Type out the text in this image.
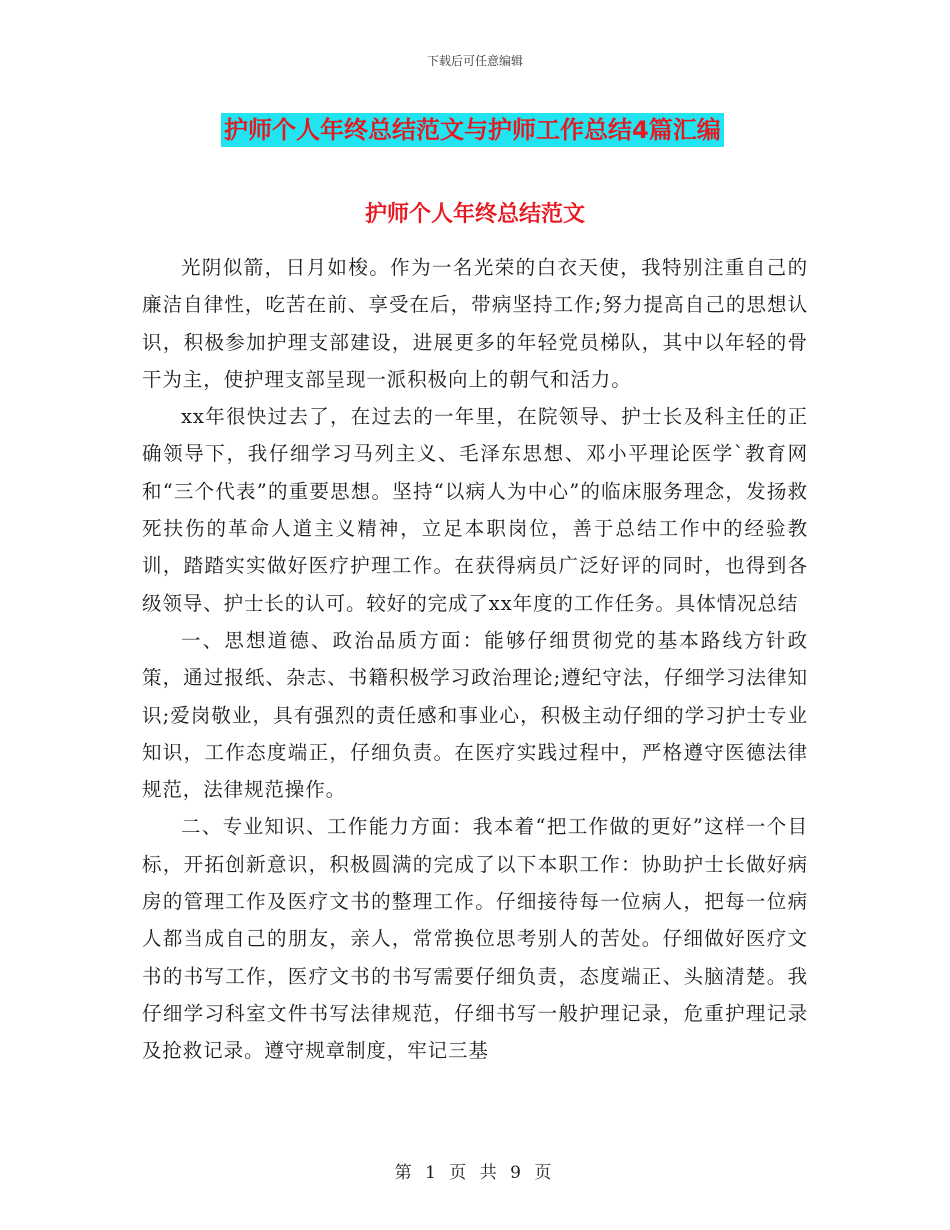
下载后可任意编辑
护师个人年终总结范文与护师工作总结4篇汇编
护师个人年终总结范文

光阴似箭，日月如梭。作为一名光荣的白衣天使，我特别注重自己的廉洁自律性，吃苦在前、享受在后，带病坚持工作;努力提高自己的思想认识，积极参加护理支部建设，进展更多的年轻党员梯队，其中以年轻的骨干为主，使护理支部呈现一派积极向上的朝气和活力。

xx年很快过去了，在过去的一年里，在院领导、护士长及科主任的正确领导下，我仔细学习马列主义、毛泽东思想、邓小平理论医学`教育网和“三个代表”的重要思想。坚持“以病人为中心”的临床服务理念，发扬救死扶伤的革命人道主义精神，立足本职岗位，善于总结工作中的经验教训，踏踏实实做好医疗护理工作。在获得病员广泛好评的同时，也得到各级领导、护士长的认可。较好的完成了xx年度的工作任务。具体情况总结

一、思想道德、政治品质方面：能够仔细贯彻党的基本路线方针政策，通过报纸、杂志、书籍积极学习政治理论;遵纪守法，仔细学习法律知识;爱岗敬业，具有强烈的责任感和事业心，积极主动仔细的学习护士专业知识，工作态度端正，仔细负责。在医疗实践过程中，严格遵守医德法律规范，法律规范操作。

二、专业知识、工作能力方面：我本着“把工作做的更好”这样一个目标，开拓创新意识，积极圆满的完成了以下本职工作：协助护士长做好病房的管理工作及医疗文书的整理工作。仔细接待每一位病人，把每一位病人都当成自己的朋友，亲人，常常换位思考别人的苦处。仔细做好医疗文书的书写工作，医疗文书的书写需要仔细负责，态度端正、头脑清楚。我仔细学习科室文件书写法律规范，仔细书写一般护理记录，危重护理记录及抢救记录。遵守规章制度，牢记三基

第 1 页 共 9 页
